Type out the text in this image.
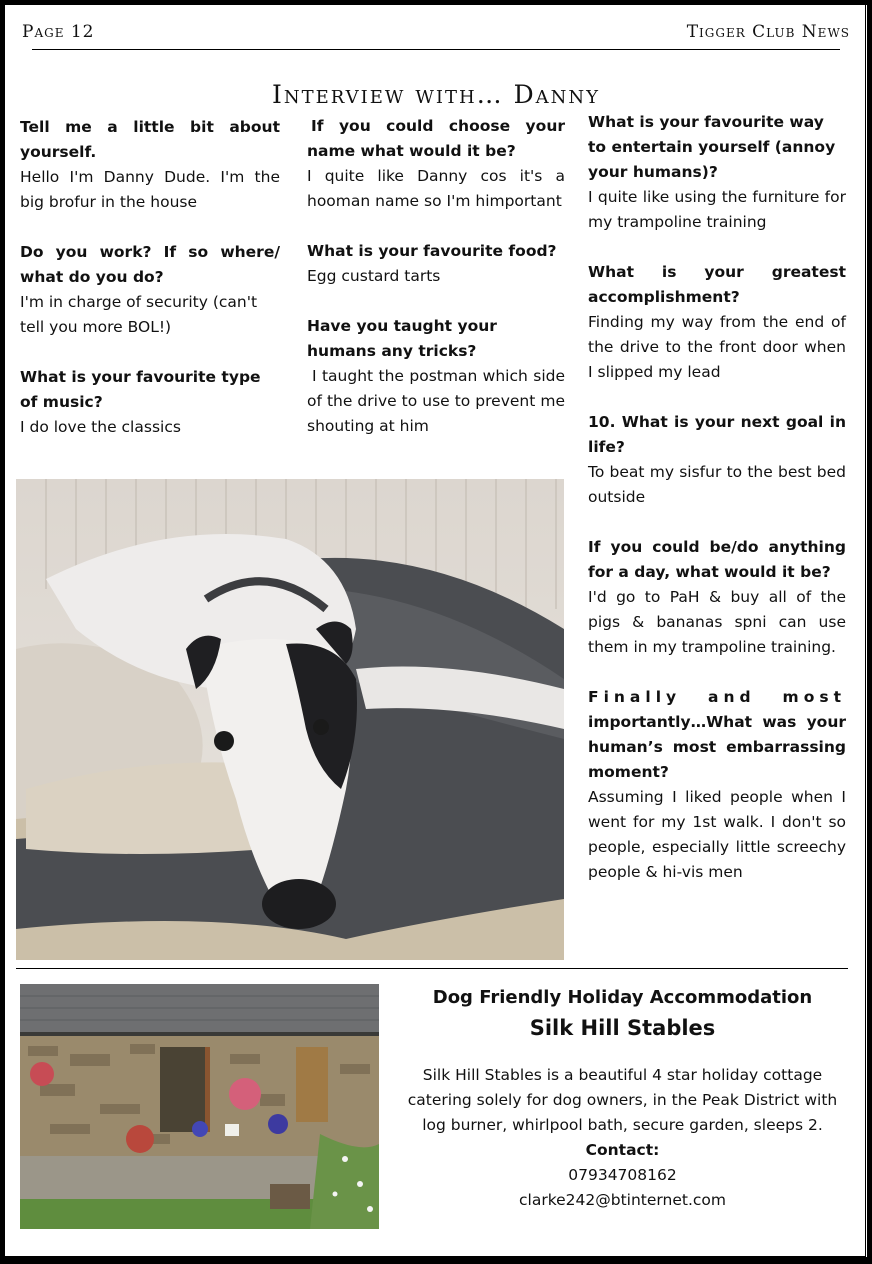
Page 12	Tigger Club News
Interview with… Danny
Tell me a little bit about yourself.
Hello I'm Danny Dude. I'm the big brofur in the house
Do you work? If so where/ what do you do?
I'm in charge of security (can't tell you more BOL!)
What is your favourite type of music?
I do love the classics
If you could choose your name what would it be?
I quite like Danny cos it's a hooman name so I'm himportant
What is your favourite food?
Egg custard tarts
Have you taught your humans any tricks?
I taught the postman which side of the drive to use to prevent me shouting at him
What is your favourite way to entertain yourself (annoy your humans)?
I quite like using the furniture for my trampoline training
What is your greatest accomplishment?
Finding my way from the end of the drive to the front door when I slipped my lead
10. What is your next goal in life?
To beat my sisfur to the best bed outside
If you could be/do anything for a day, what would it be?
I'd go to PaH & buy all of the pigs & bananas spni can use them in my trampoline training.
Finally and most
importantly…What was your human’s most embarrassing moment?
Assuming I liked people when I went for my 1st walk. I don't so people, especially little screechy people & hi-vis men
Dog Friendly Holiday Accommodation
Silk Hill Stables
Silk Hill Stables is a beautiful 4 star holiday cottage catering solely for dog owners, in the Peak District with log burner, whirlpool bath, secure garden, sleeps 2.
Contact:
07934708162
clarke242@btinternet.com
